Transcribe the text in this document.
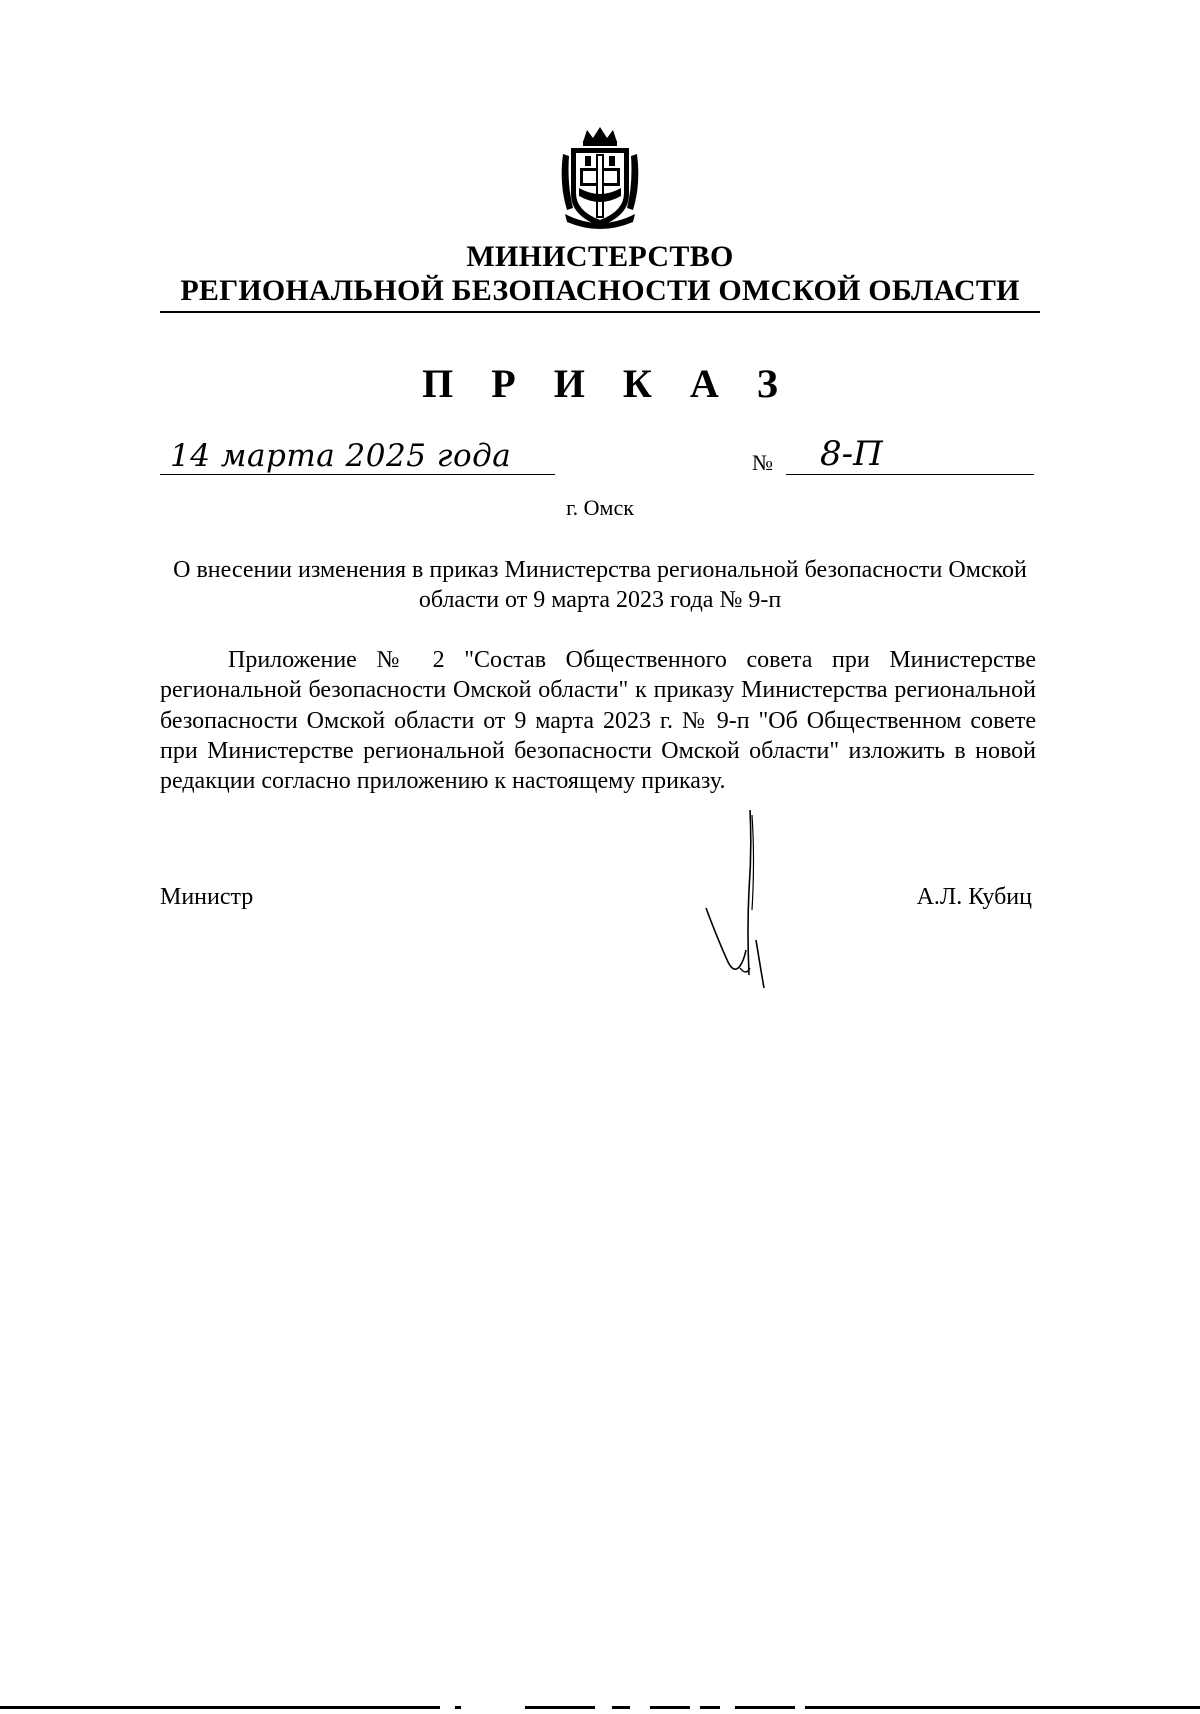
МИНИСТЕРСТВО
РЕГИОНАЛЬНОЙ БЕЗОПАСНОСТИ ОМСКОЙ ОБЛАСТИ
П Р И К А З
14 марта 2025 года	№ 8-П
г. Омск
О внесении изменения в приказ Министерства региональной безопасности Омской области от 9 марта 2023 года № 9-п

Приложение № 2 "Состав Общественного совета при Министерстве региональной безопасности Омской области" к приказу Министерства региональной безопасности Омской области от 9 марта 2023 г. № 9-п "Об Общественном совете при Министерстве региональной безопасности Омской области" изложить в новой редакции согласно приложению к настоящему приказу.

Министр	А.Л. Кубиц
